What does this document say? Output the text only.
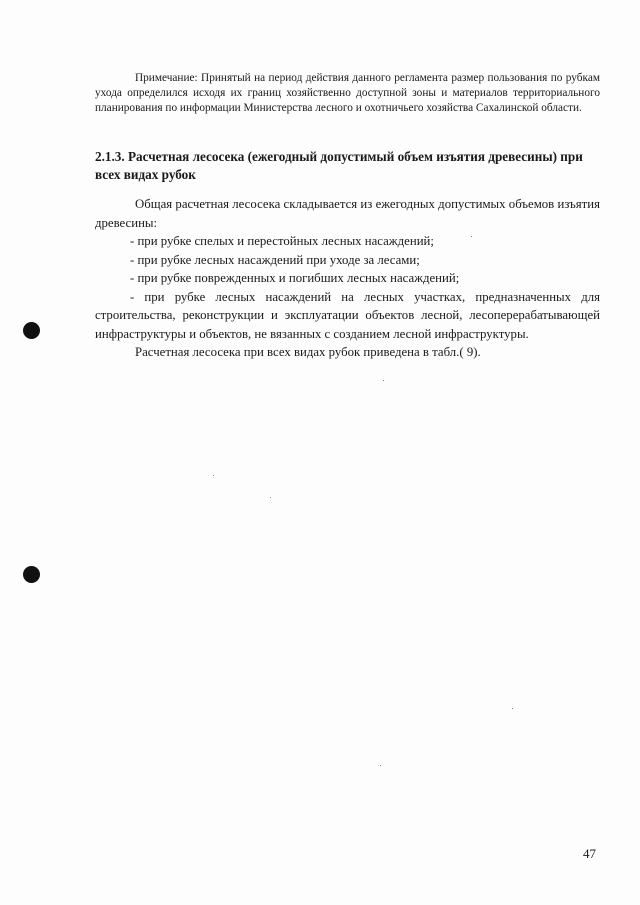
Примечание: Принятый на период действия данного регламента размер пользования по рубкам ухода определился исходя их границ хозяйственно доступной зоны и материалов территориального планирования по информации Министерства лесного и охотничьего хозяйства Сахалинской области.

2.1.3. Расчетная лесосека (ежегодный допустимый объем изъятия древесины) при всех видах рубок

Общая расчетная лесосека складывается из ежегодных допустимых объемов изъятия древесины:

- при рубке спелых и перестойных лесных насаждений;

- при рубке лесных насаждений при уходе за лесами;

- при рубке поврежденных и погибших лесных насаждений;

- при рубке лесных насаждений на лесных участках, предназначенных для строительства, реконструкции и эксплуатации объектов лесной, лесоперерабатывающей инфраструктуры и объектов, не вязанных с созданием лесной инфраструктуры.

Расчетная лесосека при всех видах рубок приведена в табл.( 9).

47
